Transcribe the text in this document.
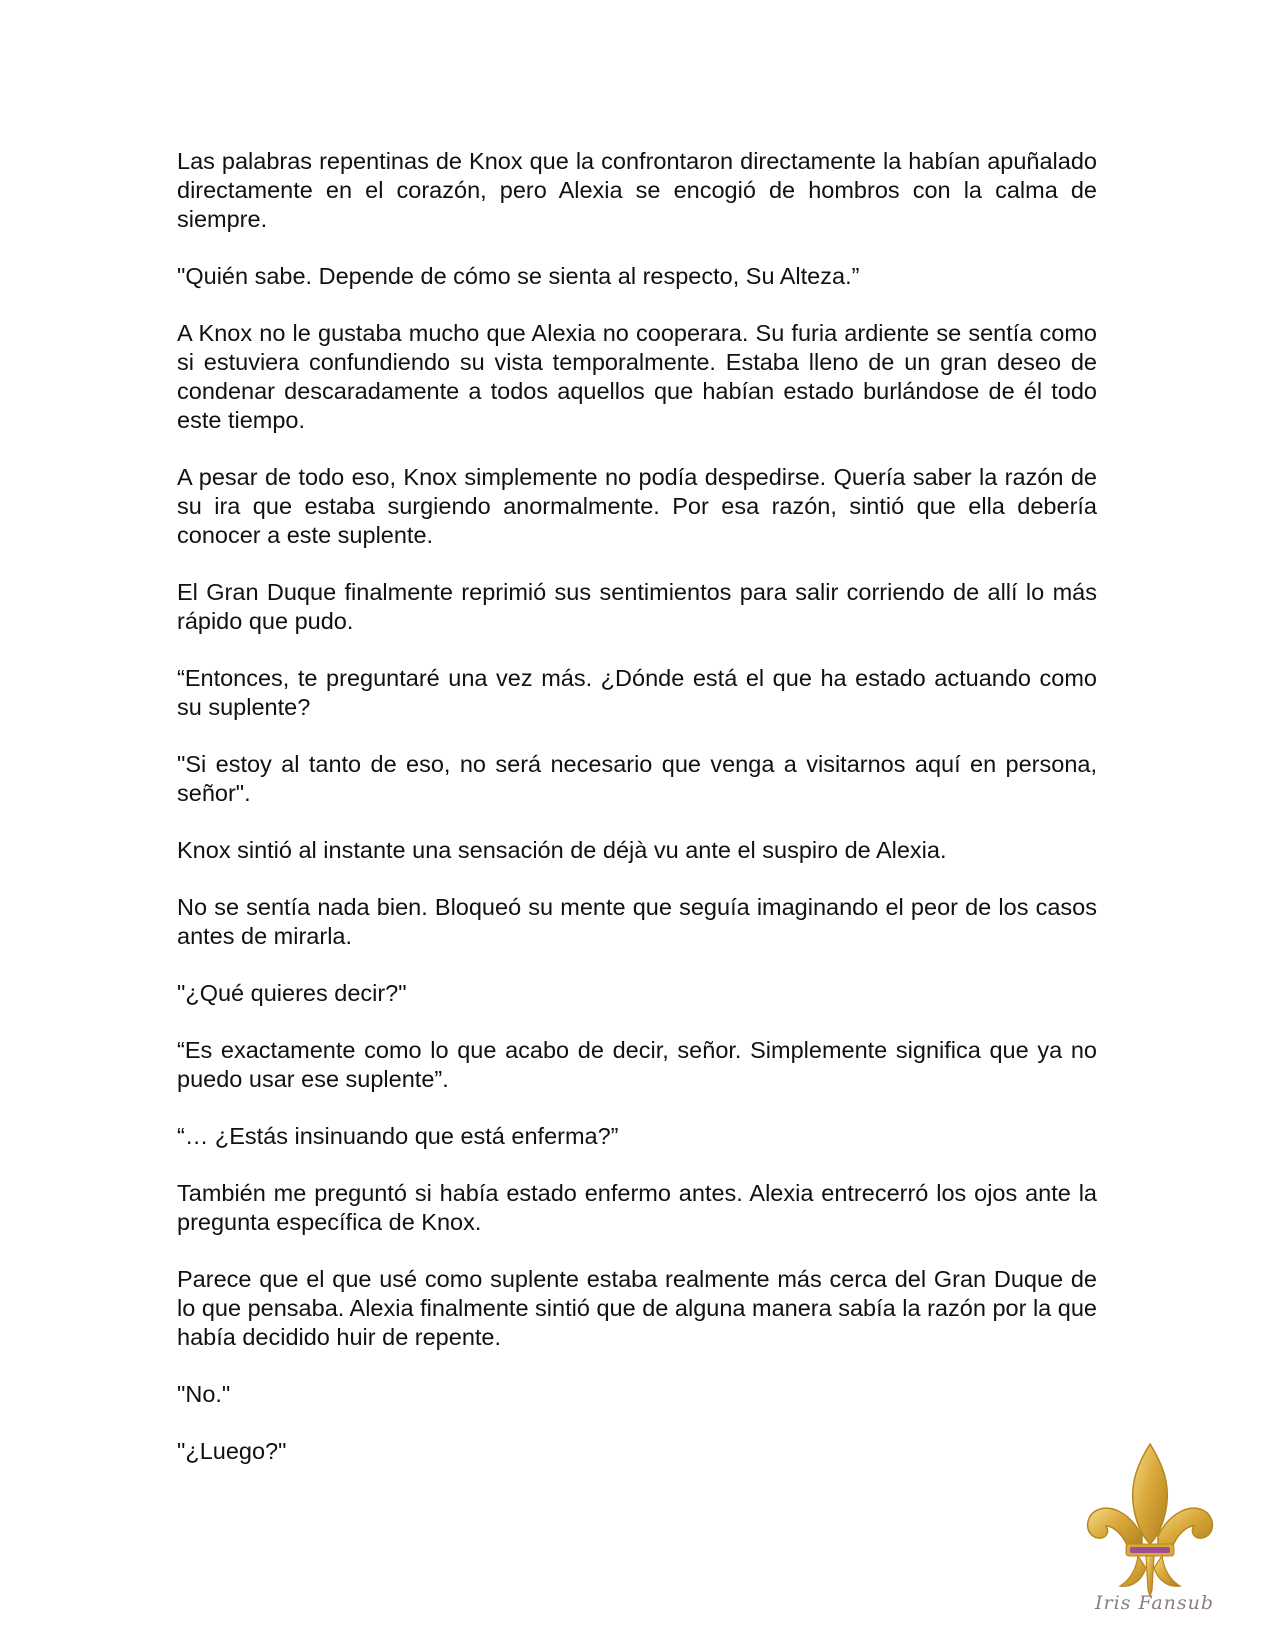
Las palabras repentinas de Knox que la confrontaron directamente la habían apuñalado directamente en el corazón, pero Alexia se encogió de hombros con la calma de siempre.

"Quién sabe. Depende de cómo se sienta al respecto, Su Alteza.”

A Knox no le gustaba mucho que Alexia no cooperara. Su furia ardiente se sentía como si estuviera confundiendo su vista temporalmente. Estaba lleno de un gran deseo de condenar descaradamente a todos aquellos que habían estado burlándose de él todo este tiempo.

A pesar de todo eso, Knox simplemente no podía despedirse. Quería saber la razón de su ira que estaba surgiendo anormalmente. Por esa razón, sintió que ella debería conocer a este suplente.

El Gran Duque finalmente reprimió sus sentimientos para salir corriendo de allí lo más rápido que pudo.

“Entonces, te preguntaré una vez más. ¿Dónde está el que ha estado actuando como su suplente?

"Si estoy al tanto de eso, no será necesario que venga a visitarnos aquí en persona, señor".

Knox sintió al instante una sensación de déjà vu ante el suspiro de Alexia.

No se sentía nada bien. Bloqueó su mente que seguía imaginando el peor de los casos antes de mirarla.

"¿Qué quieres decir?"

“Es exactamente como lo que acabo de decir, señor. Simplemente significa que ya no puedo usar ese suplente”.

“… ¿Estás insinuando que está enferma?”

También me preguntó si había estado enfermo antes. Alexia entrecerró los ojos ante la pregunta específica de Knox.

Parece que el que usé como suplente estaba realmente más cerca del Gran Duque de lo que pensaba. Alexia finalmente sintió que de alguna manera sabía la razón por la que había decidido huir de repente.

"No."

"¿Luego?"

Iris Fansub
